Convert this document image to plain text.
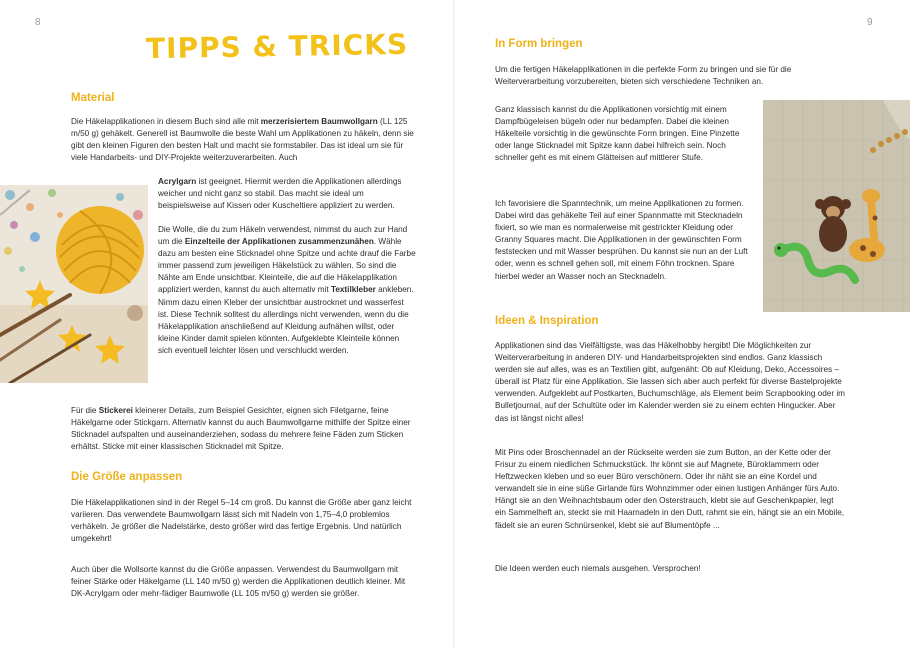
8
TIPPS & TRICKS
Material

Die Häkelapplikationen in diesem Buch sind alle mit merzerisiertem Baumwollgarn (LL 125 m/50 g) gehäkelt. Generell ist Baumwolle die beste Wahl um Applikationen zu häkeln, denn sie gibt den kleinen Figuren den besten Halt und macht sie formstabiler. Das ist ideal um sie für viele Handarbeits- und DIY-Projekte weiterzuverarbeiten. Auch

Acrylgarn ist geeignet. Hiermit werden die Applikationen allerdings weicher und nicht ganz so stabil. Das macht sie ideal um beispielsweise auf Kissen oder Kuscheltiere appliziert zu werden.

Die Wolle, die du zum Häkeln verwendest, nimmst du auch zur Hand um die Einzelteile der Applikationen zusammenzunähen. Wähle dazu am besten eine Sticknadel ohne Spitze und achte drauf die Farbe immer passend zum jeweiligen Häkelstück zu wählen. So sind die Nähte am Ende unsichtbar. Kleinteile, die auf die Häkelapplikation appliziert werden, kannst du auch alternativ mit Textilkleber ankleben. Nimm dazu einen Kleber der unsichtbar austrocknet und wasserfest ist. Diese Technik solltest du allerdings nicht verwenden, wenn du die Häkelapplikation anschließend auf Kleidung aufnähen willst, oder kleine Kinder damit spielen könnten. Aufgeklebte Kleinteile können sich eventuell leichter lösen und verschluckt werden.

Für die Stickerei kleinerer Details, zum Beispiel Gesichter, eignen sich Filetgarne, feine Häkelgarne oder Stickgarn. Alternativ kannst du auch Baumwollgarne mithilfe der Spitze einer Sticknadel aufspalten und auseinanderziehen, sodass du mehrere feine Fäden zum Sticken erhältst. Sticke mit einer klassischen Sticknadel mit Spitze.

Die Größe anpassen

Die Häkelapplikationen sind in der Regel 5–14 cm groß. Du kannst die Größe aber ganz leicht variieren. Das verwendete Baumwollgarn lässt sich mit Nadeln von 1,75–4,0 problemlos verhäkeln. Je größer die Nadelstärke, desto größer wird das fertige Ergebnis. Und natürlich umgekehrt!

Auch über die Wollsorte kannst du die Größe anpassen. Verwendest du Baumwollgarn mit feiner Stärke oder Häkelgarne (LL 140 m/50 g) werden die Applikationen deutlich kleiner. Mit DK-Acrylgarn oder mehr-fädiger Baumwolle (LL 105 m/50 g) werden sie größer.

9
In Form bringen

Um die fertigen Häkelapplikationen in die perfekte Form zu bringen und sie für die Weiterverarbeitung vorzubereiten, bieten sich verschiedene Techniken an.

Ganz klassisch kannst du die Applikationen vorsichtig mit einem Dampfbügeleisen bügeln oder nur bedampfen. Dabei die kleinen Häkelteile vorsichtig in die gewünschte Form bringen. Eine Pinzette oder lange Sticknadel mit Spitze kann dabei hilfreich sein. Noch schneller geht es mit einem Glätteisen auf mittlerer Stufe.

Ich favorisiere die Spanntechnik, um meine Applikationen zu formen. Dabei wird das gehäkelte Teil auf einer Spannmatte mit Stecknadeln fixiert, so wie man es normalerweise mit gestrickter Kleidung oder Granny Squares macht. Die Applikationen in der gewünschten Form feststecken und mit Wasser besprühen. Du kannst sie nun an der Luft oder, wenn es schnell gehen soll, mit einem Föhn trocknen. Spare hierbei weder an Wasser noch an Stecknadeln.

Ideen & Inspiration

Applikationen sind das Vielfältigste, was das Häkelhobby hergibt! Die Möglichkeiten zur Weiterverarbeitung in anderen DIY- und Handarbeitsprojekten sind endlos. Ganz klassisch werden sie auf alles, was es an Textilien gibt, aufgenäht: Ob auf Kleidung, Deko, Accessoires – überall ist Platz für eine Applikation. Sie lassen sich aber auch perfekt für diverse Bastelprojekte verwenden. Aufgeklebt auf Postkarten, Buchumschläge, als Element beim Scrapbooking oder im Bulletjournal, auf der Schultüte oder im Kalender werden sie zu einem echten Hingucker. Aber das ist längst nicht alles!

Mit Pins oder Broschennadel an der Rückseite werden sie zum Button, an der Kette oder der Frisur zu einem niedlichen Schmuckstück. Ihr könnt sie auf Magnete, Büroklammern oder Heftzwecken kleben und so euer Büro verschönern. Oder ihr näht sie an eine Kordel und verwandelt sie in eine süße Girlande fürs Wohnzimmer oder einen lustigen Anhänger fürs Auto. Hängt sie an den Weihnachtsbaum oder den Osterstrauch, klebt sie auf Geschenkpapier, legt ein Sammelheft an, steckt sie mit Haarnadeln in den Dutt, rahmt sie ein, hängt sie an ein Mobile, fädelt sie an euren Schnürsenkel, klebt sie auf Blumentöpfe ...

Die Ideen werden euch niemals ausgehen. Versprochen!
